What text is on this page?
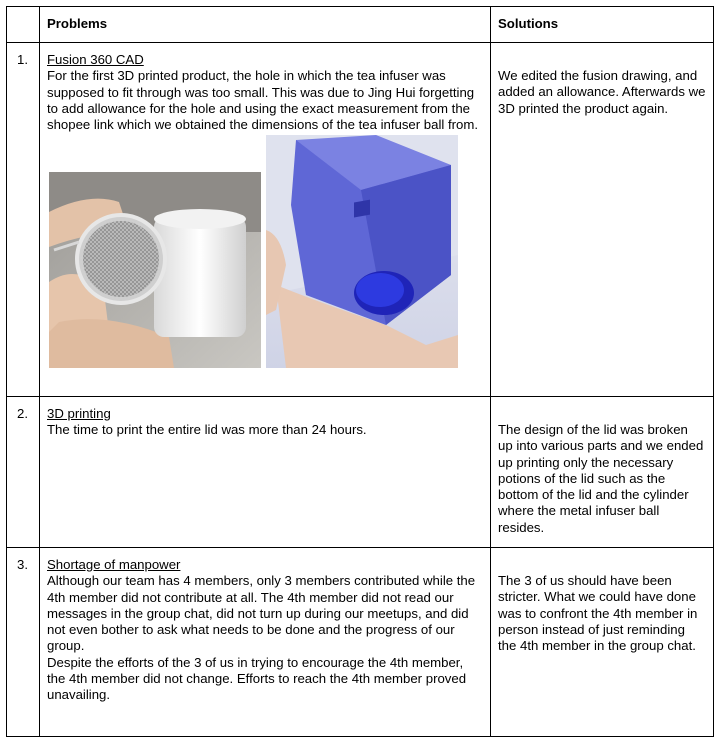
	Problems	Solutions

1.	Fusion 360 CAD
For the first 3D printed product, the hole in which the tea infuser was supposed to fit through was too small. This was due to Jing Hui forgetting to add allowance for the hole and using the exact measurement from the shopee link which we obtained the dimensions of the tea infuser ball from.	We edited the fusion drawing, and added an allowance. Afterwards we 3D printed the product again.

2.	3D printing
The time to print the entire lid was more than 24 hours.	The design of the lid was broken up into various parts and we ended up printing only the necessary potions of the lid such as the bottom of the lid and the cylinder where the metal infuser ball resides.

3.	Shortage of manpower
Although our team has 4 members, only 3 members contributed while the 4th member did not contribute at all. The 4th member did not read our messages in the group chat, did not turn up during our meetups, and did not even bother to ask what needs to be done and the progress of our group.
Despite the efforts of the 3 of us in trying to encourage the 4th member, the 4th member did not change. Efforts to reach the 4th member proved unavailing.	The 3 of us should have been stricter. What we could have done was to confront the 4th member in person instead of just reminding the 4th member in the group chat.
